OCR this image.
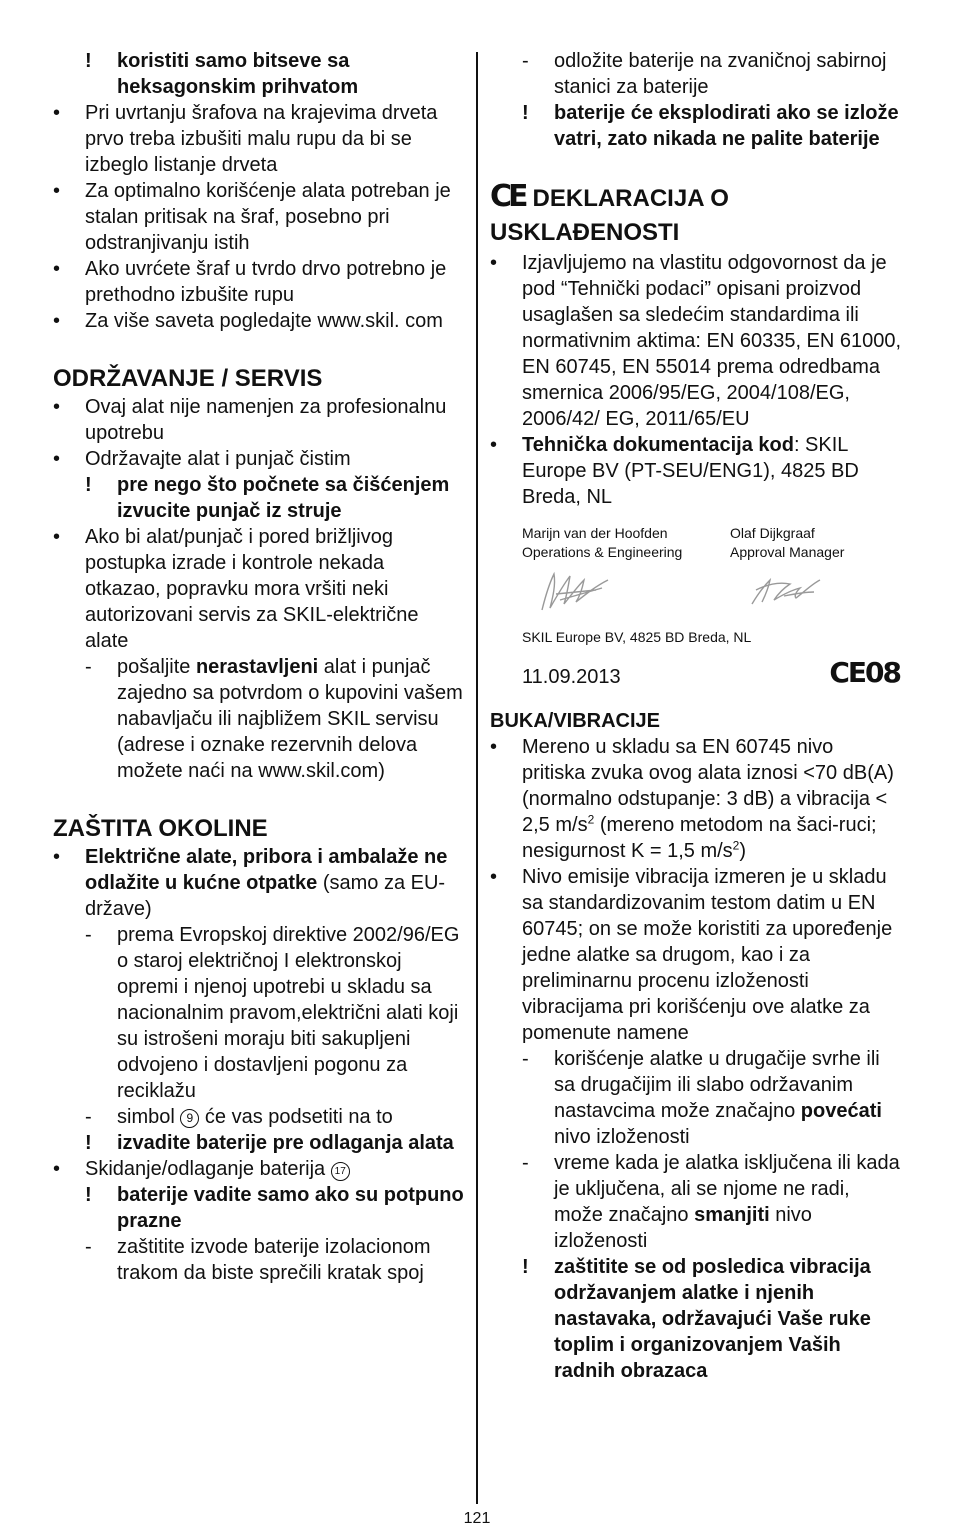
! koristiti samo bitseve sa heksagonskim prihvatom
• Pri uvrtanju šrafova na krajevima drveta prvo treba izbušiti malu rupu da bi se izbeglo listanje drveta
• Za optimalno korišćenje alata potreban je stalan pritisak na šraf, posebno pri odstranjivanju istih
• Ako uvrćete šraf u tvrdo drvo potrebno je prethodno izbušite rupu
• Za više saveta pogledajte www.skil. com
ODRŽAVANJE / SERVIS
• Ovaj alat nije namenjen za profesionalnu upotrebu
• Održavajte alat i punjač čistim
! pre nego što počnete sa čišćenjem izvucite punjač iz struje
• Ako bi alat/punjač i pored brižljivog postupka izrade i kontrole nekada otkazao, popravku mora vršiti neki autorizovani servis za SKIL-električne alate
- pošaljite nerastavljeni alat i punjač zajedno sa potvrdom o kupovini vašem nabavljaču ili najbližem SKIL servisu (adrese i oznake rezervnih delova možete naći na www.skil.com)
ZAŠTITA OKOLINE
• Električne alate, pribora i ambalaže ne odlažite u kućne otpatke (samo za EU-države)
- prema Evropskoj direktive 2002/96/EG o staroj električnoj I elektronskoj opremi i njenoj upotrebi u skladu sa nacionalnim pravom,električni alati koji su istrošeni moraju biti sakupljeni odvojeno i dostavljeni pogonu za reciklažu
- simbol 9 će vas podsetiti na to
! izvadite baterije pre odlaganja alata
• Skidanje/odlaganje baterija 17
! baterije vadite samo ako su potpuno prazne
- zaštitite izvode baterije izolacionom trakom da biste sprečili kratak spoj
- odložite baterije na zvaničnoj sabirnoj stanici za baterije
! baterije će eksplodirati ako se izlože vatri, zato nikada ne palite baterije
CE DEKLARACIJA O USKLAĐENOSTI
• Izjavljujemo na vlastitu odgovornost da je pod “Tehnički podaci” opisani proizvod usaglašen sa sledećim standardima ili normativnim aktima: EN 60335, EN 61000, EN 60745, EN 55014 prema odredbama smernica 2006/95/EG, 2004/108/EG, 2006/42/ EG, 2011/65/EU
• Tehnička dokumentacija kod: SKIL Europe BV (PT-SEU/ENG1), 4825 BD Breda, NL
Marijn van der Hoofden
Operations & Engineering
Olaf Dijkgraaf
Approval Manager
SKIL Europe BV, 4825 BD Breda, NL
11.09.2013	CE08
BUKA/VIBRACIJE
• Mereno u skladu sa EN 60745 nivo pritiska zvuka ovog alata iznosi <70 dB(A) (normalno odstupanje: 3 dB) a vibracija < 2,5 $m/s^2$ (mereno metodom na šaci-ruci; nesigurnost K = 1,5 $m/s^2$)
• Nivo emisije vibracija izmeren je u skladu sa standardizovanim testom datim u EN 60745; on se može koristiti za upoređenje jedne alatke sa drugom, kao i za preliminarnu procenu izloženosti vibracijama pri korišćenju ove alatke za pomenute namene
- korišćenje alatke u drugačije svrhe ili sa drugačijim ili slabo održavanim nastavcima može značajno povećati nivo izloženosti
- vreme kada je alatka isključena ili kada je uključena, ali se njome ne radi, može značajno smanjiti nivo izloženosti
! zaštitite se od posledica vibracija održavanjem alatke i njenih nastavaka, održavajući Vaše ruke toplim i organizovanjem Vaših radnih obrazaca
121
